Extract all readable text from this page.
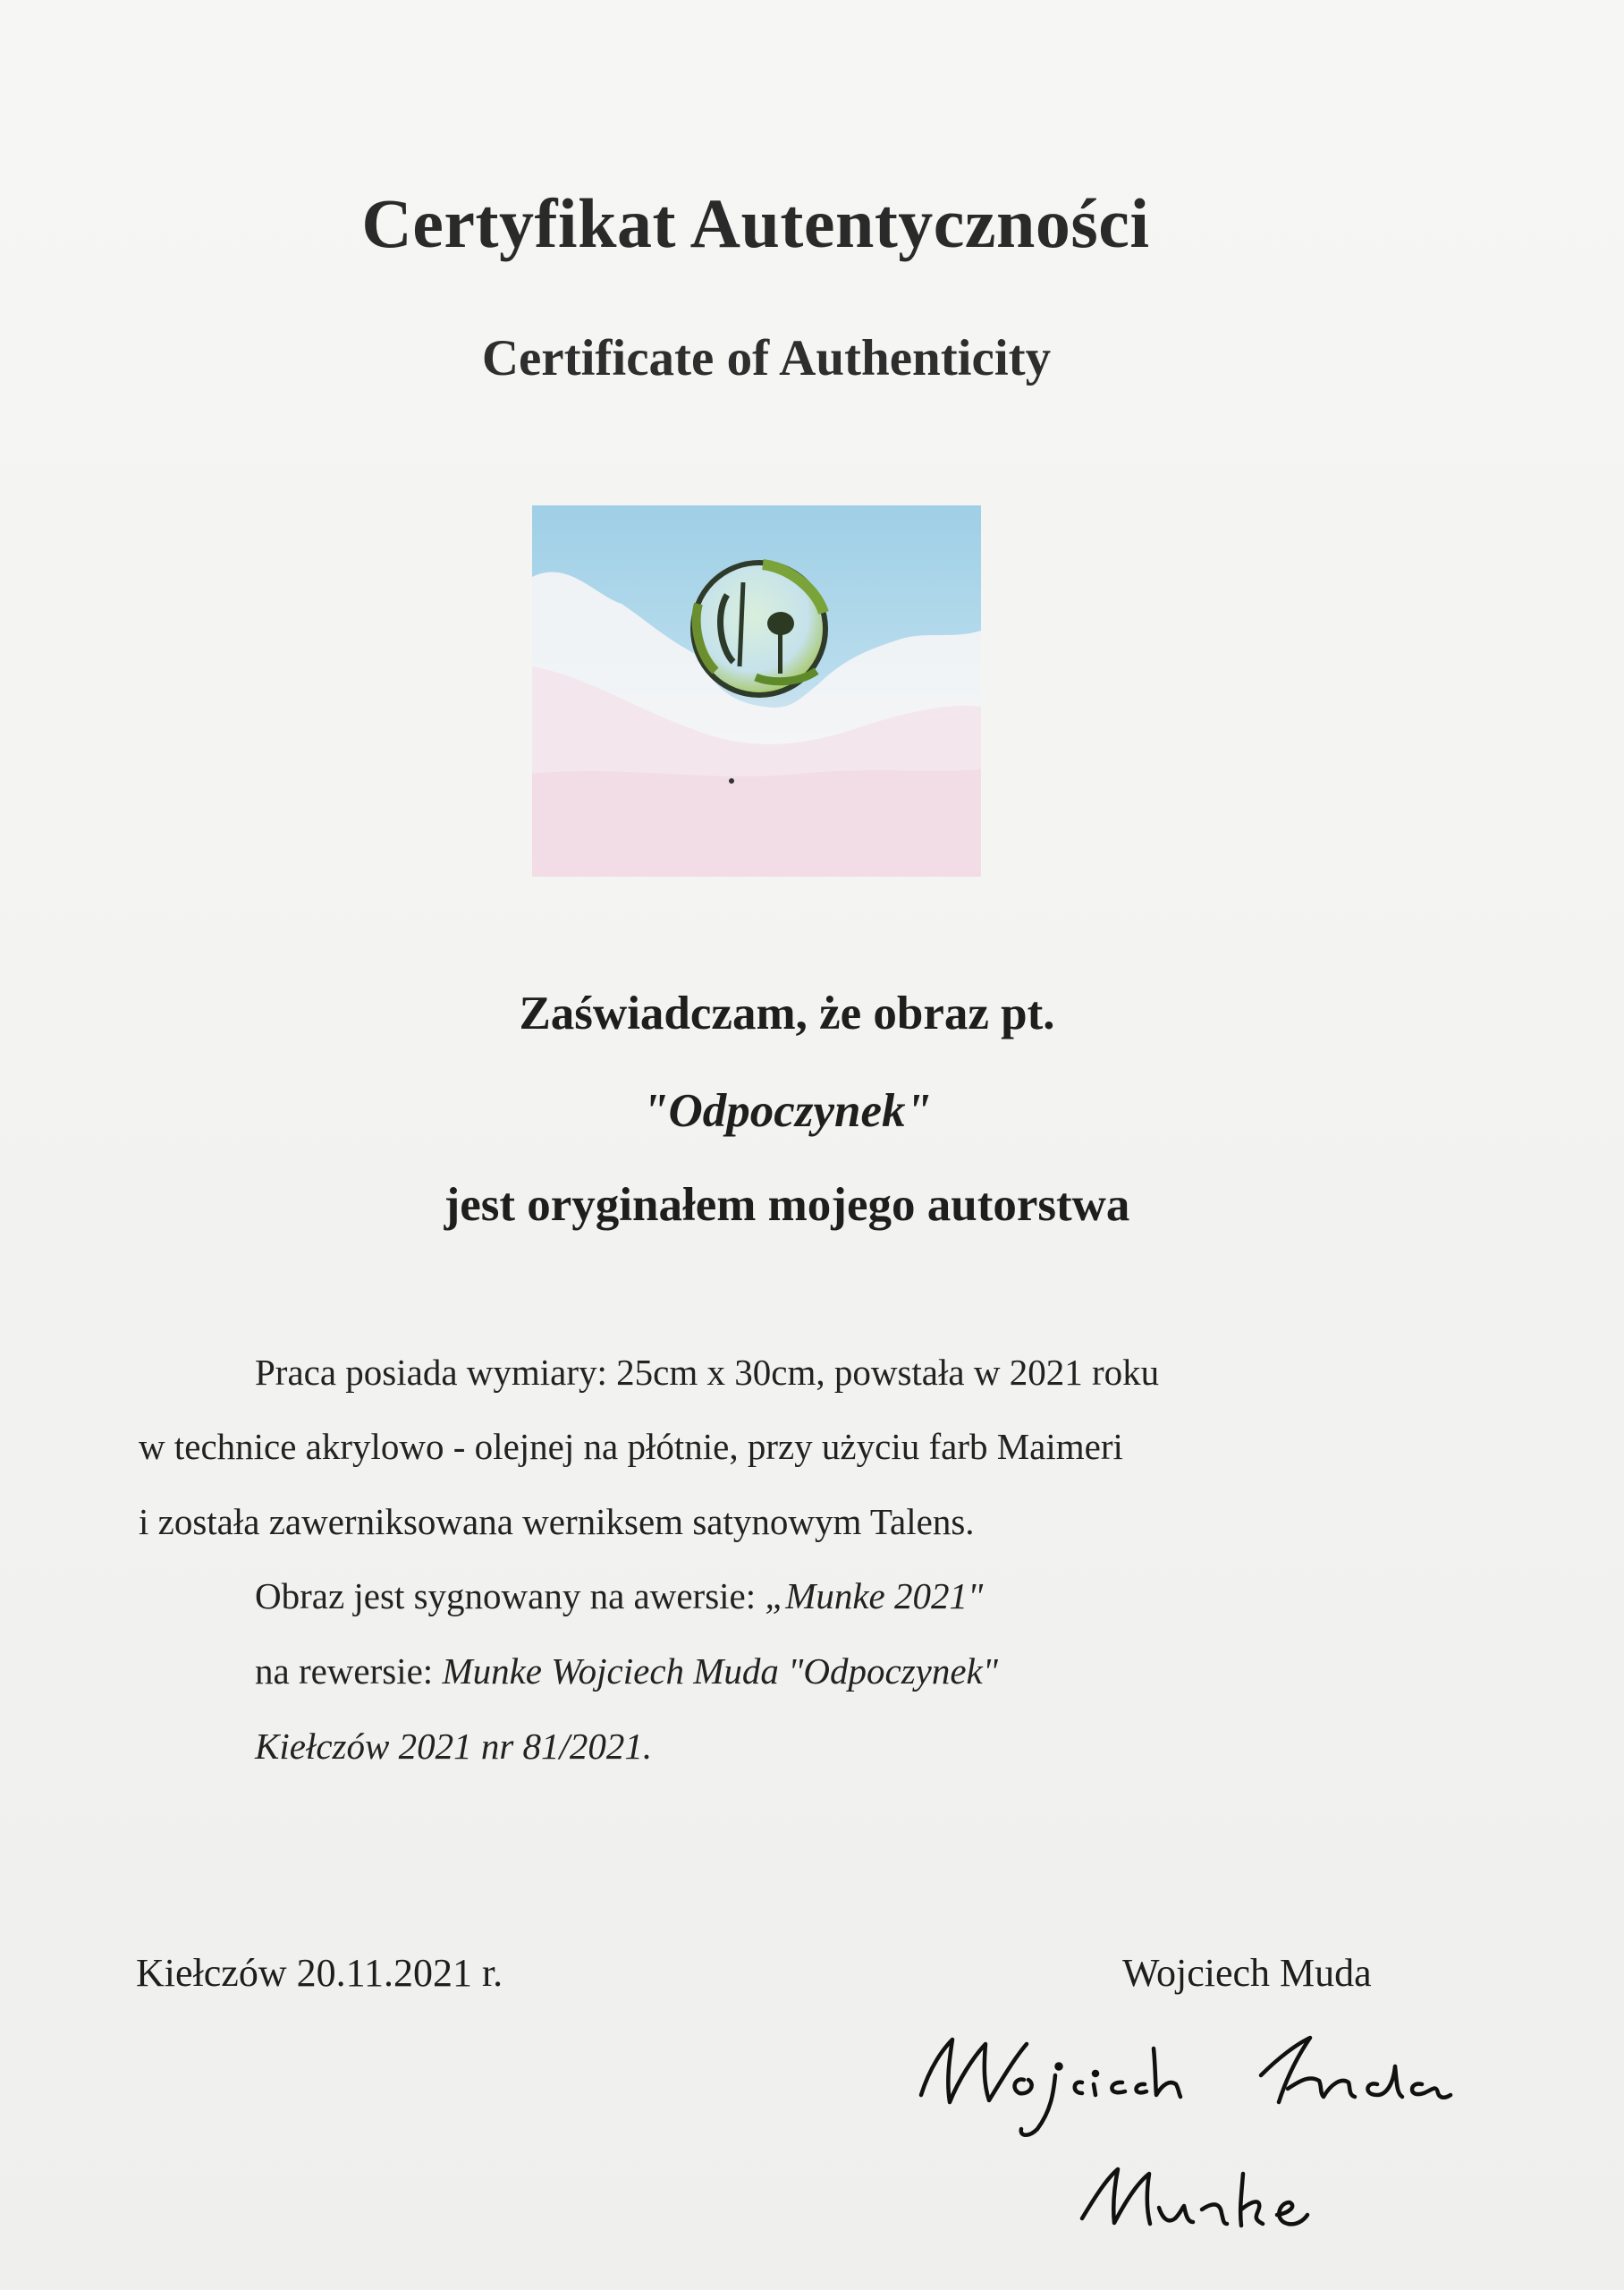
Certyfikat Autentyczności
Certificate of Authenticity
Zaświadczam, że obraz pt.
"Odpoczynek"
jest oryginałem mojego autorstwa
Praca posiada wymiary: 25cm x 30cm, powstała w 2021 roku
w technice akrylowo - olejnej na płótnie, przy użyciu farb Maimeri
i została zawerniksowana werniksem satynowym Talens.
Obraz jest sygnowany na awersie: „Munke 2021"
na rewersie: Munke Wojciech Muda "Odpoczynek"
Kiełczów 2021 nr 81/2021.
Kiełczów 20.11.2021 r.	Wojciech Muda
